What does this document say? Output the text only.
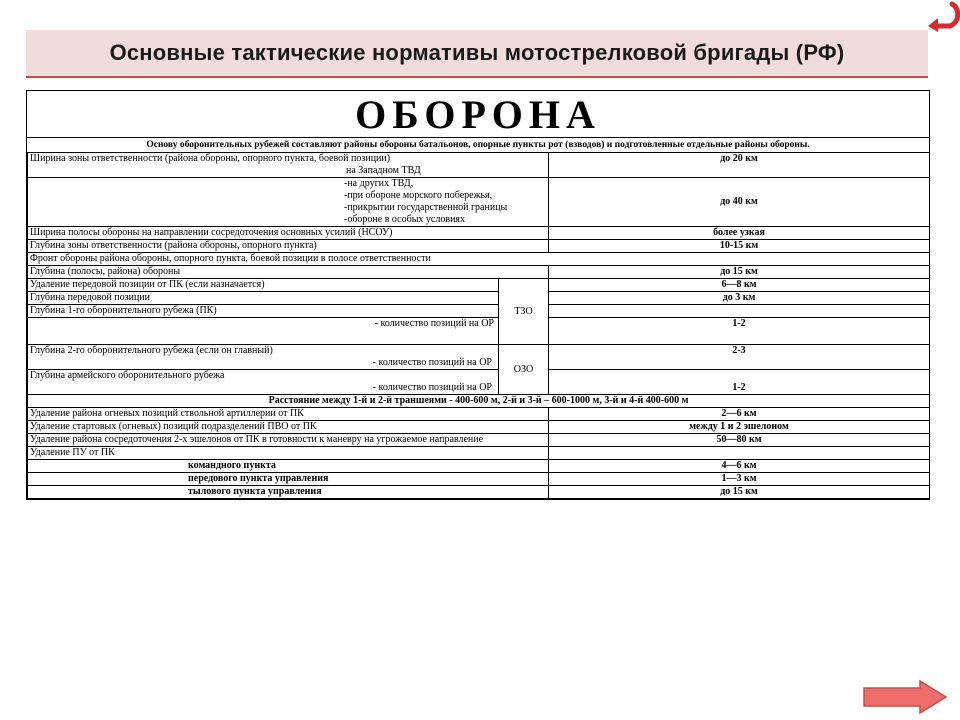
Основные тактические нормативы мотострелковой бригады (РФ)
ОБОРОНА
Основу оборонительных рубежей составляют районы обороны батальонов, опорные пункты рот (взводов) и подготовленные отдельные районы обороны.
Ширина зоны ответственности (района обороны, опорного пункта, боевой позиции)
на Западном ТВД		до 20 км

-на других ТВД,
-при обороне морского побережья,
-прикрытии государственной границы
-обороне в особых условиях		до 40 км
Ширина полосы обороны на направлении сосредоточения основных усилий (НСОУ)		более узкая
Глубина зоны ответственности (района обороны, опорного пункта)		10-15 км
Фронт обороны района обороны, опорного пункта, боевой позиции в полосе ответственности		
Глубина (полосы, района) обороны		до 15 км
Удаление передовой позиции от ПК (если назначается)	ТЗО	6—8 км
Глубина передовой позиции		до 3 км
Глубина 1-го оборонительного рубежа (ПК)		
- количество позиций на ОР		1-2

Глубина 2-го оборонительного рубежа (если он главный)
- количество позиций на ОР	ОЗО	2-3

Глубина армейского оборонительного рубежа
- количество позиций на ОР		1-2
Расстояние между 1-й и 2-й траншеями - 400-600 м, 2-й и 3-й – 600-1000 м, 3-й и 4-й 400-600 м		
Удаление района огневых позиций ствольной артиллерии от ПК		2—6 км
Удаление стартовых (огневых) позиций подразделений ПВО от ПК		между 1 и 2 эшелоном
Удаление района сосредоточения 2-х эшелонов от ПК в готовности к маневру на угрожаемое направление		50—80 км
Удаление ПУ от ПК		
командного пункта		4—6 км
передового пункта управления		1—3 км
тылового пункта управления		до 15 км
